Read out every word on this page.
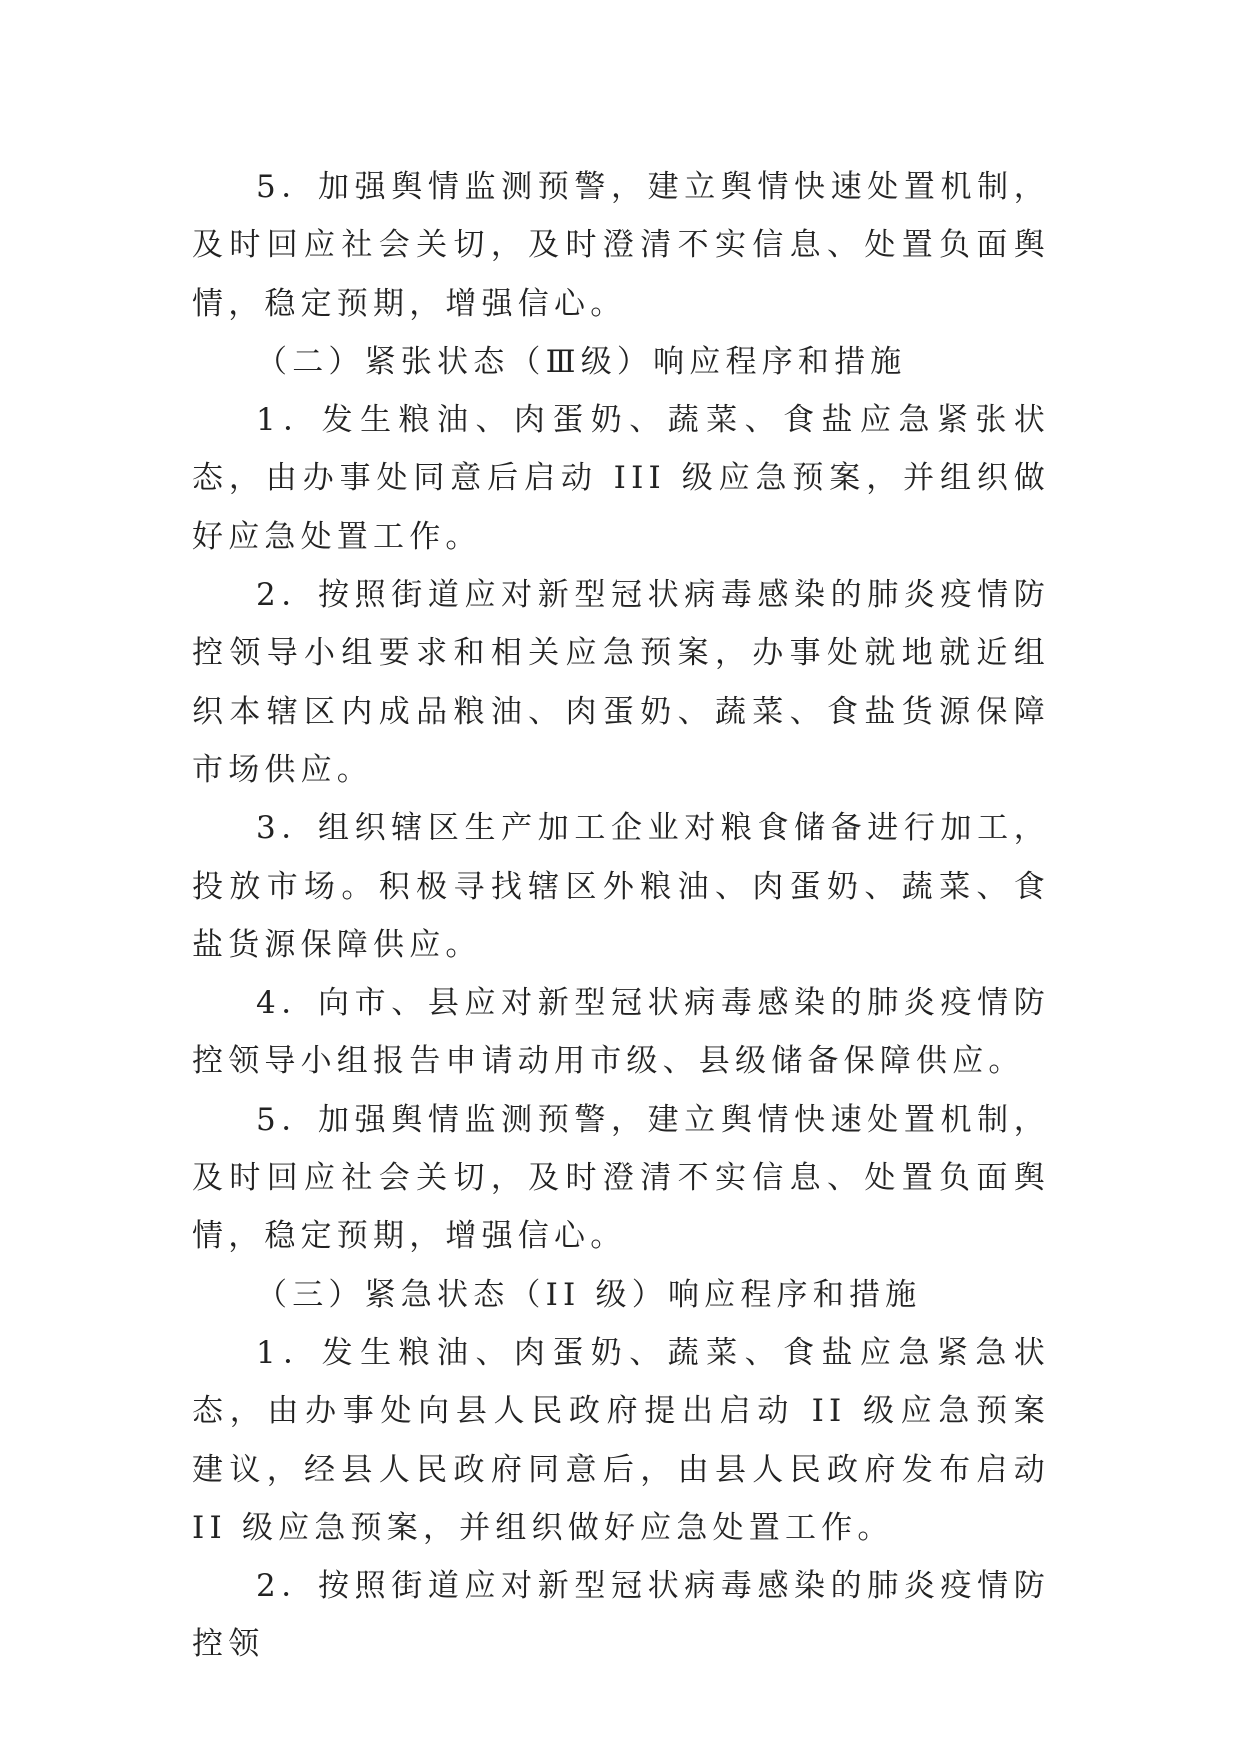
5．加强舆情监测预警，建立舆情快速处置机制，及时回应社会关切，及时澄清不实信息、处置负面舆情，稳定预期，增强信心。

（二）紧张状态（Ⅲ级）响应程序和措施

1．发生粮油、肉蛋奶、蔬菜、食盐应急紧张状态，由办事处同意后启动 III 级应急预案，并组织做好应急处置工作。

2．按照街道应对新型冠状病毒感染的肺炎疫情防控领导小组要求和相关应急预案，办事处就地就近组织本辖区内成品粮油、肉蛋奶、蔬菜、食盐货源保障市场供应。

3．组织辖区生产加工企业对粮食储备进行加工，投放市场。积极寻找辖区外粮油、肉蛋奶、蔬菜、食盐货源保障供应。

4．向市、县应对新型冠状病毒感染的肺炎疫情防控领导小组报告申请动用市级、县级储备保障供应。

5．加强舆情监测预警，建立舆情快速处置机制，及时回应社会关切，及时澄清不实信息、处置负面舆情，稳定预期，增强信心。

（三）紧急状态（II 级）响应程序和措施

1．发生粮油、肉蛋奶、蔬菜、食盐应急紧急状态，由办事处向县人民政府提出启动 II 级应急预案建议，经县人民政府同意后，由县人民政府发布启动 II 级应急预案，并组织做好应急处置工作。

2．按照街道应对新型冠状病毒感染的肺炎疫情防控领
